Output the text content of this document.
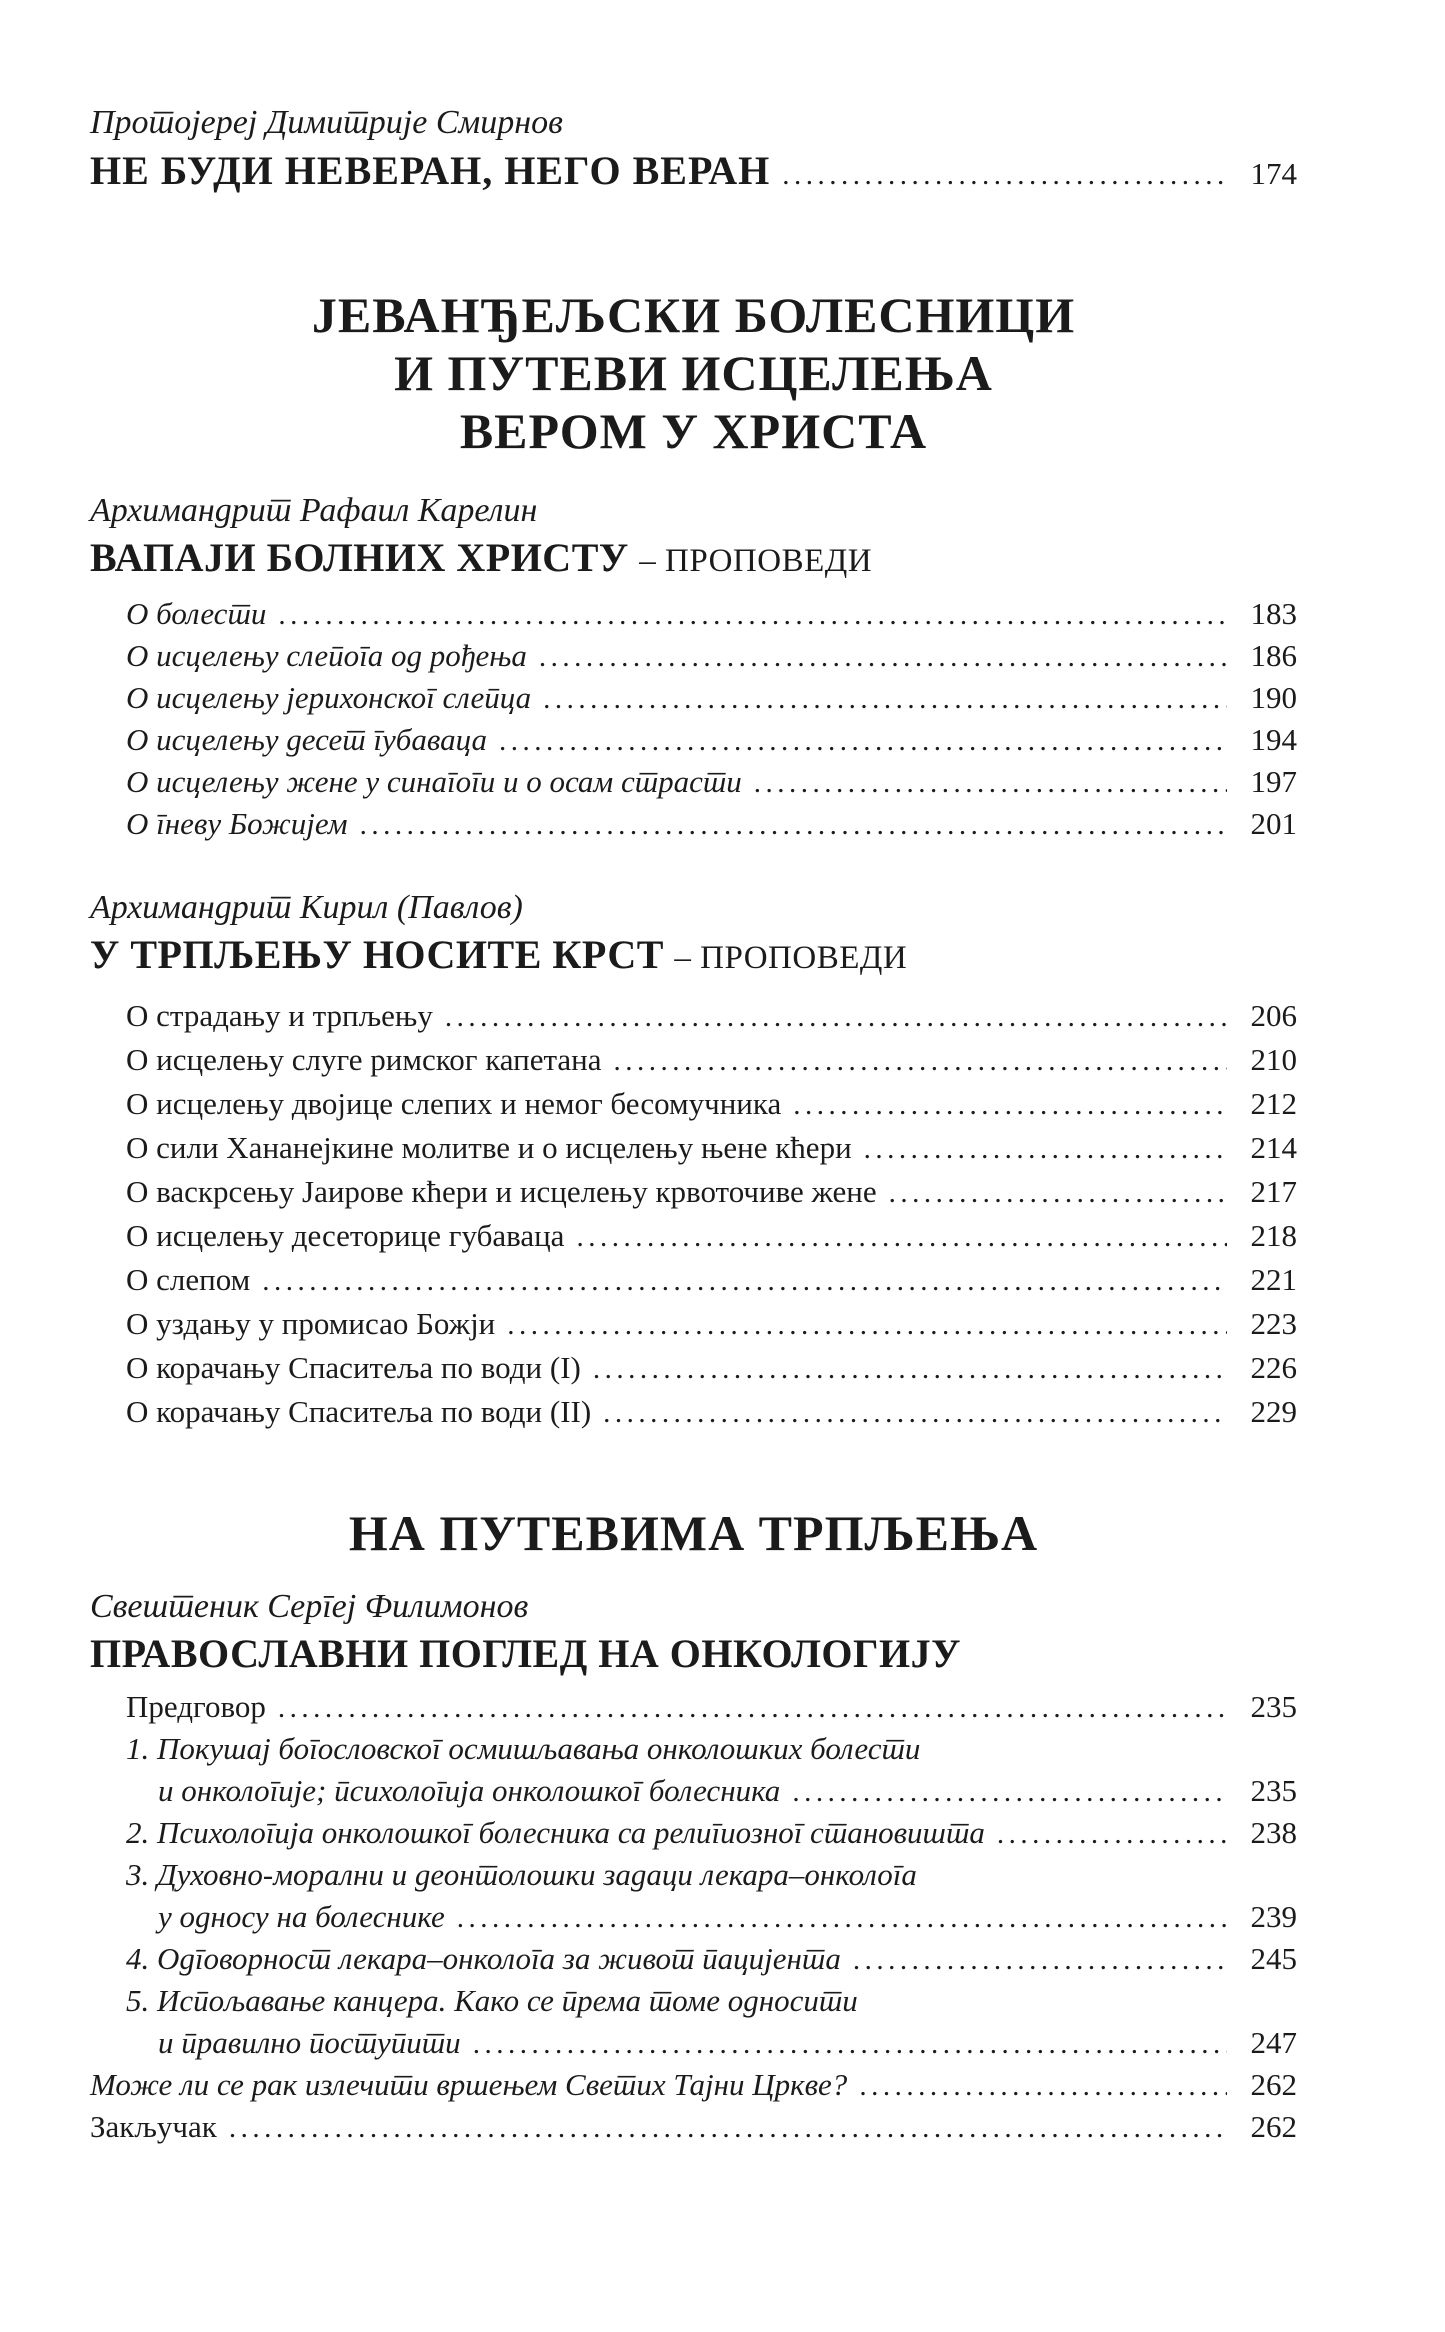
Протојереј Димитрије Смирнов
НЕ БУДИ НЕВЕРАН, НЕГО ВЕРАН .....	174
ЈЕВАНЂЕЉСКИ БОЛЕСНИЦИ
И ПУТЕВИ ИСЦЕЛЕЊА
ВЕРОМ У ХРИСТА
Архимандрит Рафаил Карелин
ВАПАЈИ БОЛНИХ ХРИСТУ – ПРОПОВЕДИ
О болести .....	183
О исцелењу слепога од рођења .....	186
О исцелењу јерихонског слепца .....	190
О исцелењу десет губаваца .....	194
О исцелењу жене у синагоги и о осам страсти .....	197
О гневу Божијем .....	201
Архимандрит Кирил (Павлов)
У ТРПЉЕЊУ НОСИТЕ КРСТ – ПРОПОВЕДИ
О страдању и трпљењу .....	206
О исцелењу слуге римског капетана .....	210
О исцелењу двојице слепих и немог бесомучника .....	212
О сили Хананејкине молитве и о исцелењу њене кћери .....	214
О васкрсењу Јаирове кћери и исцелењу крвоточиве жене .....	217
О исцелењу десеторице губаваца .....	218
О слепом .....	221
О уздању у промисао Божји .....	223
О корачању Спаситеља по води (I) .....	226
О корачању Спаситеља по води (II) .....	229
НА ПУТЕВИМА ТРПЉЕЊА
Свештеник Сергеј Филимонов
ПРАВОСЛАВНИ ПОГЛЕД НА ОНКОЛОГИЈУ
Предговор .....	235
1. Покушај богословског осмишљавања онколошких болести
и онкологије; психологија онколошког болесника .....	235
2. Психологија онколошког болесника са религиозног становишта .....	238
3. Духовно-морални и деонтолошки задаци лекара–онколога
у односу на болеснике .....	239
4. Одговорност лекара–онколога за живот пацијента .....	245
5. Испољавање канцера. Како се према томе односити
и правилно поступити .....	247
Може ли се рак излечити вршењем Светих Тајни Цркве? .....	262
Закључак .....	262
